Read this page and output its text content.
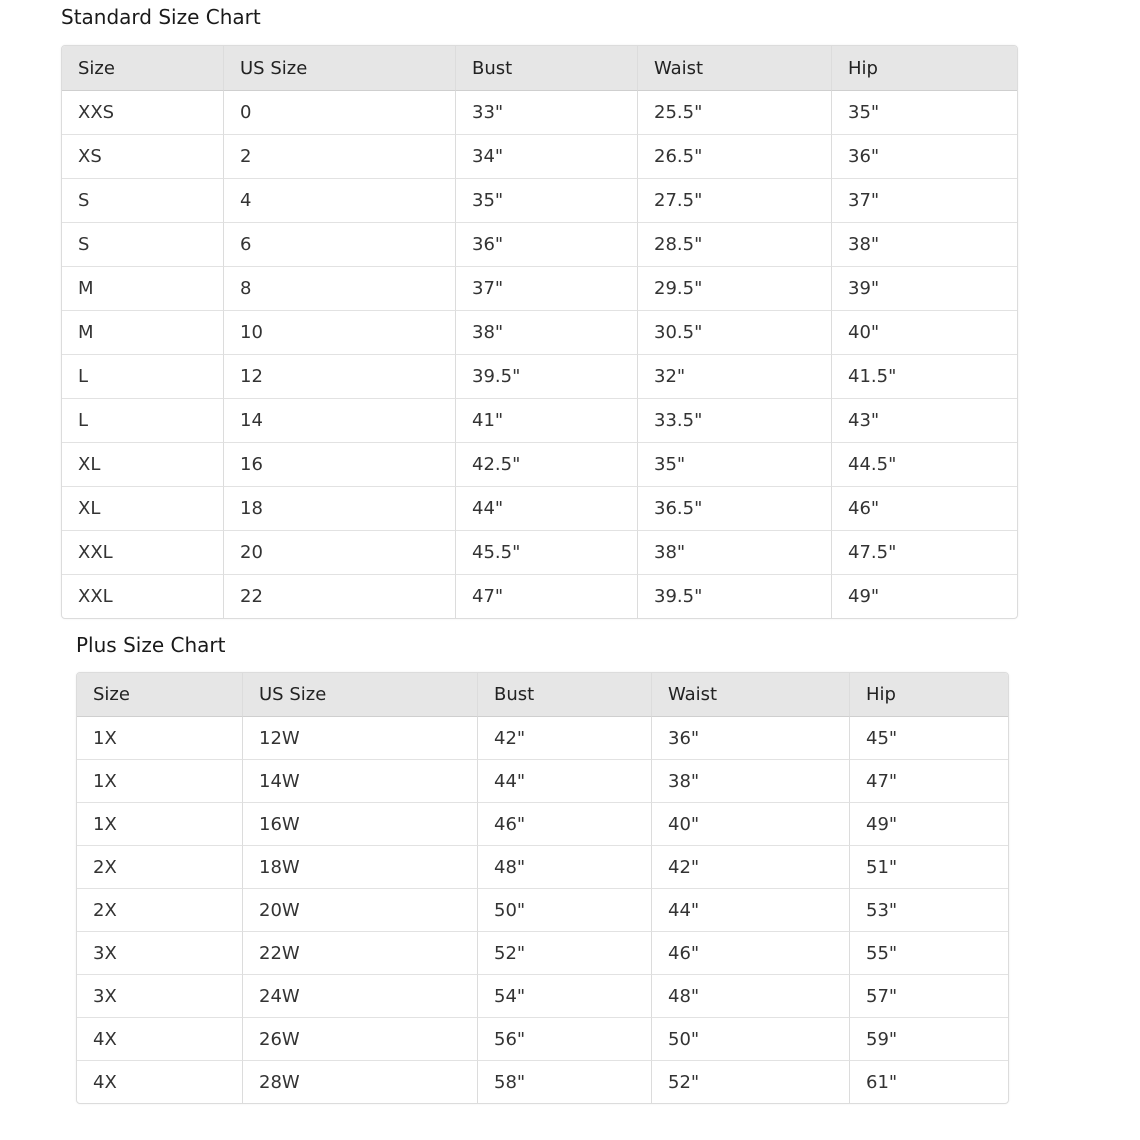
Standard Size Chart
Size	US Size	Bust	Waist	Hip
XXS	0	33"	25.5"	35"
XS	2	34"	26.5"	36"
S	4	35"	27.5"	37"
S	6	36"	28.5"	38"
M	8	37"	29.5"	39"
M	10	38"	30.5"	40"
L	12	39.5"	32"	41.5"
L	14	41"	33.5"	43"
XL	16	42.5"	35"	44.5"
XL	18	44"	36.5"	46"
XXL	20	45.5"	38"	47.5"
XXL	22	47"	39.5"	49"
Plus Size Chart
Size	US Size	Bust	Waist	Hip
1X	12W	42"	36"	45"
1X	14W	44"	38"	47"
1X	16W	46"	40"	49"
2X	18W	48"	42"	51"
2X	20W	50"	44"	53"
3X	22W	52"	46"	55"
3X	24W	54"	48"	57"
4X	26W	56"	50"	59"
4X	28W	58"	52"	61"
